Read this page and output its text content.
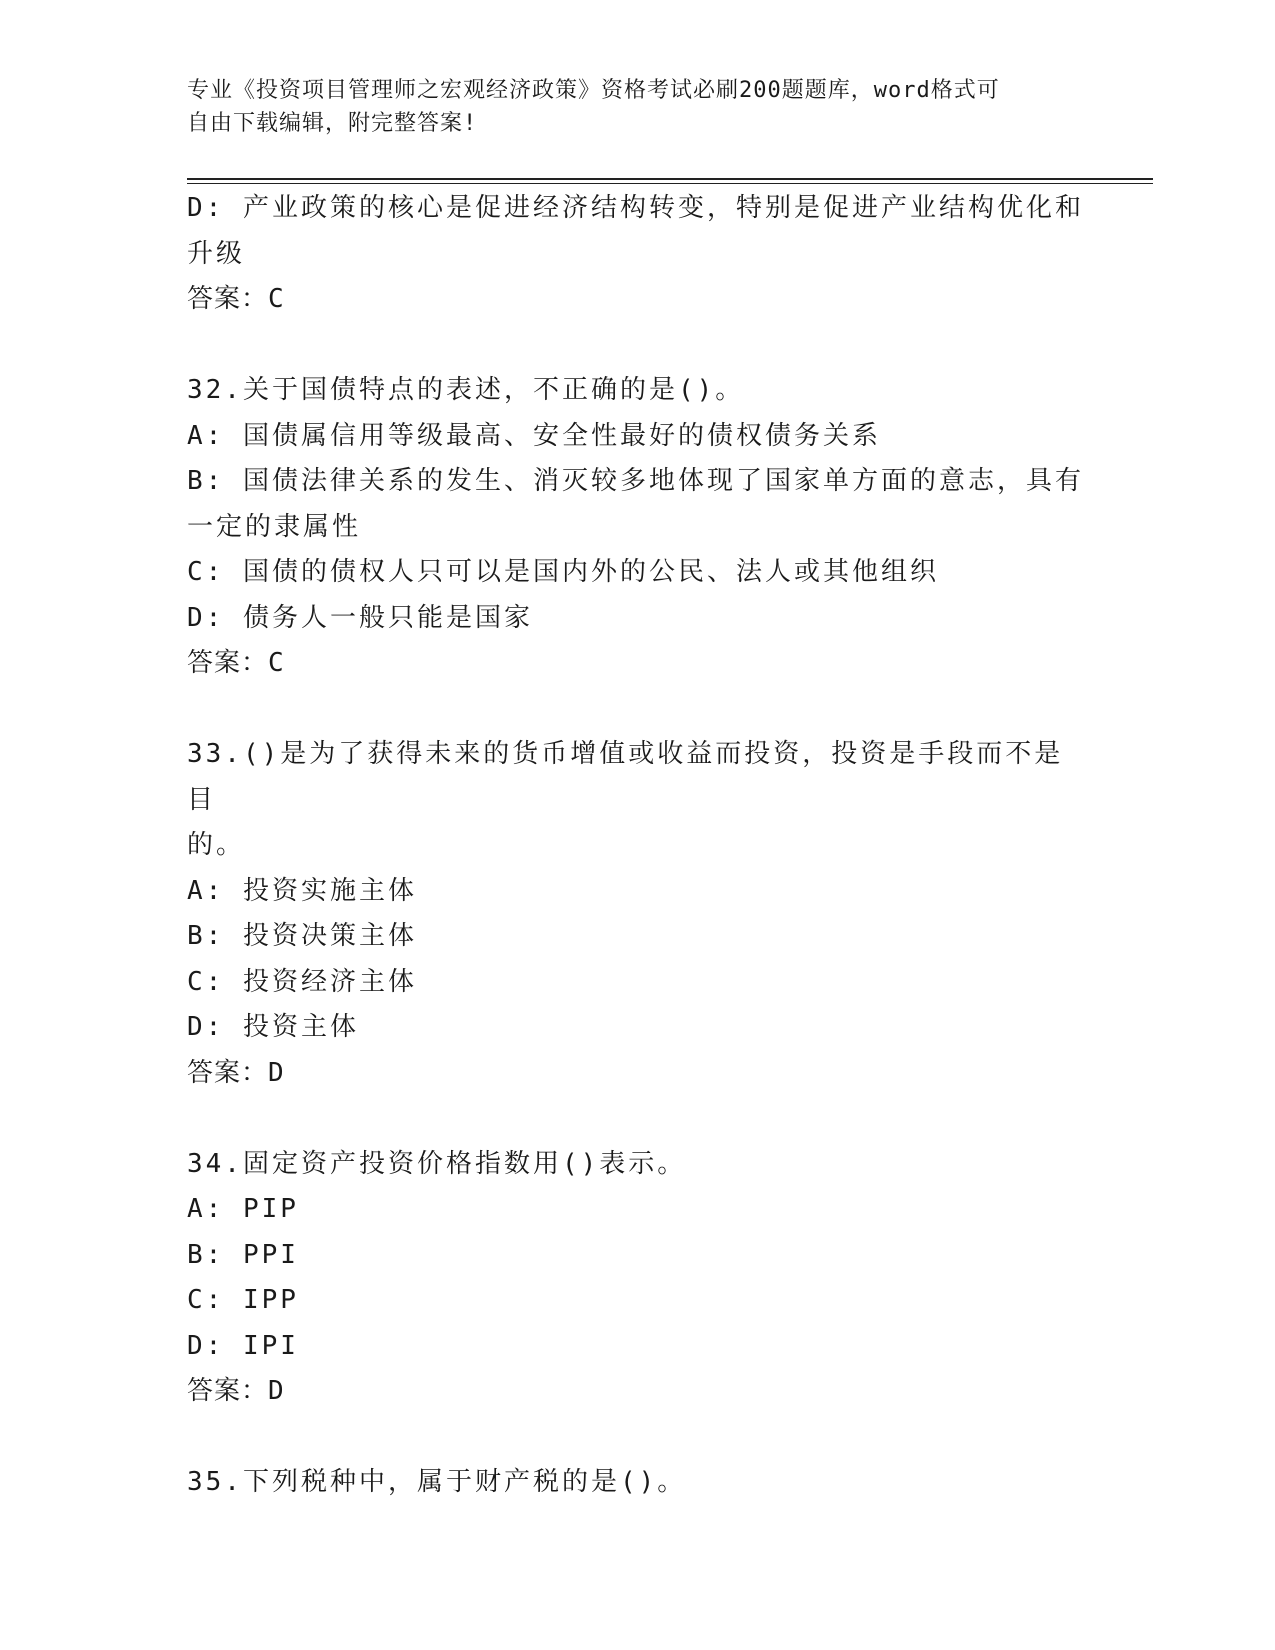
专业《投资项目管理师之宏观经济政策》资格考试必刷200题题库，word格式可
自由下载编辑，附完整答案!
D: 产业政策的核心是促进经济结构转变，特别是促进产业结构优化和
升级
答案：C
32.关于国债特点的表述，不正确的是()。
A: 国债属信用等级最高、安全性最好的债权债务关系
B: 国债法律关系的发生、消灭较多地体现了国家单方面的意志，具有
一定的隶属性
C: 国债的债权人只可以是国内外的公民、法人或其他组织
D: 债务人一般只能是国家
答案：C
33.()是为了获得未来的货币增值或收益而投资，投资是手段而不是目
的。
A: 投资实施主体
B: 投资决策主体
C: 投资经济主体
D: 投资主体
答案：D
34.固定资产投资价格指数用()表示。
A: PIP
B: PPI
C: IPP
D: IPI
答案：D
35.下列税种中，属于财产税的是()。
